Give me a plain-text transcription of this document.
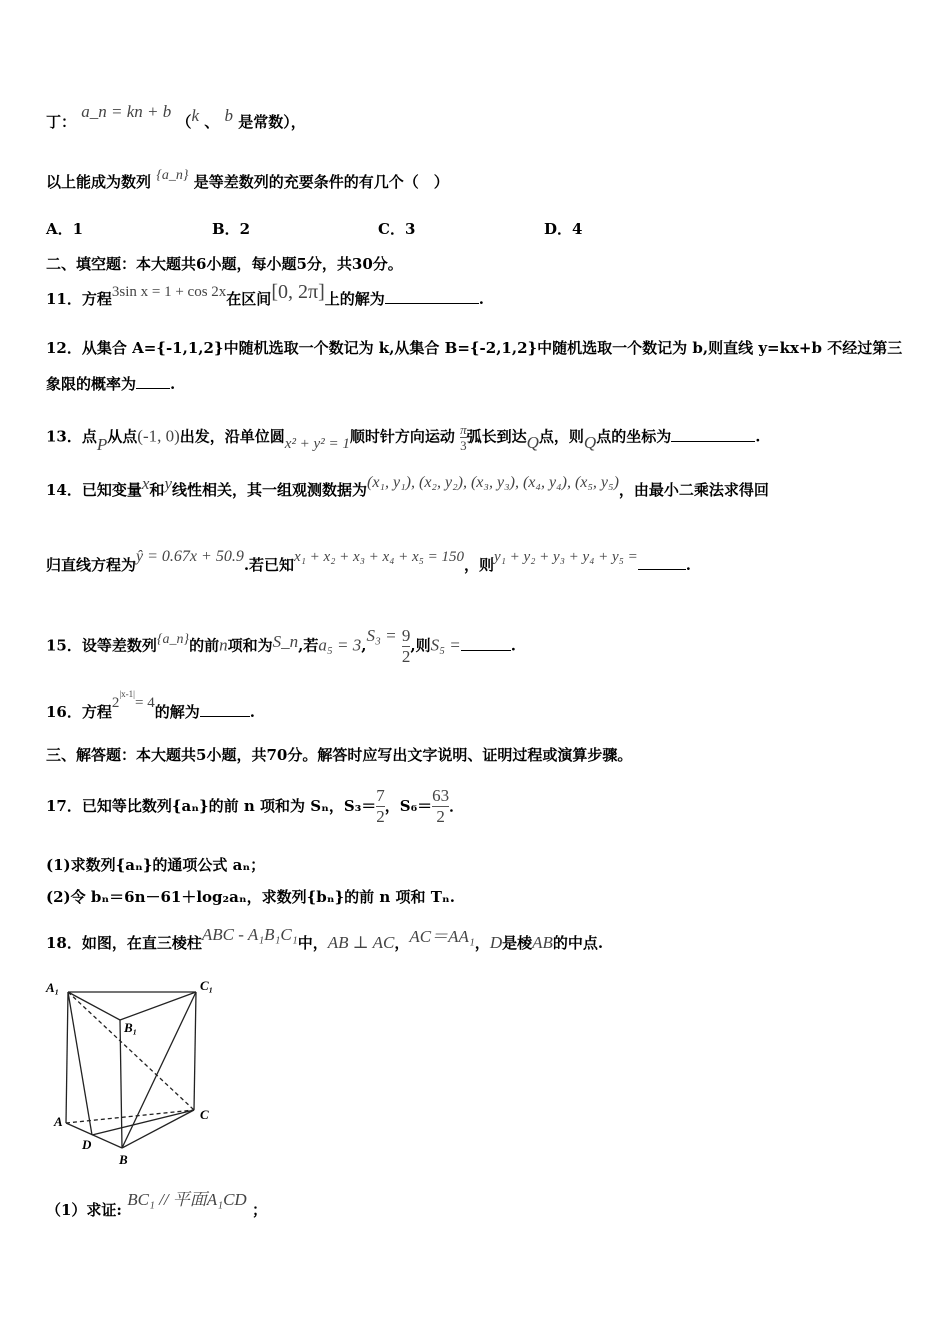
丁： a_n = kn + b （k 、 b 是常数），
以上能成为数列 {a_n} 是等差数列的充要条件的有几个（　）
A．1	B．2	C．3	D．4
二、填空题：本大题共6小题，每小题5分，共30分。
11．方程3sin x = 1 + cos 2x在区间[0, 2π]上的解为	.
12．从集合 A={-1,1,2}中随机选取一个数记为 k,从集合 B={-2,1,2}中随机选取一个数记为 b,则直线 y=kx+b 不经过第三
象限的概率为 .
13．点P从点(-1, 0)出发，沿单位圆x² + y² = 1顺时针方向运动 $\frac{\pi}{3}$ 弧长到达Q点，则Q点的坐标为	.
14．已知变量x和y线性相关，其一组观测数据为(x₁, y₁), (x₂, y₂), (x₃, y₃), (x₄, y₄), (x₅, y₅)，由最小二乘法求得回
归直线方程为ŷ = 0.67x + 50.9.若已知x₁ + x₂ + x₃ + x₄ + x₅ = 150，则y₁ + y₂ + y₃ + y₄ + y₅ =	.
15．设等差数列{a_n}的前n项和为S_n,若$a_5 = 3,S_3 = \frac{9}{2}$ ,则S₅ =	.
16．方程$2^{|x-1|}= 4$的解为	.
三、解答题：本大题共5小题，共70分。解答时应写出文字说明、证明过程或演算步骤。
17．已知等比数列{aₙ}的前 n 项和为 Sₙ，$S_3= \frac{7}{2}$ ，$S_6= \frac{63}{2}$ ．
(1)求数列{aₙ}的通项公式 aₙ；
(2)令 bₙ＝6n－61＋log₂aₙ，求数列{bₙ}的前 n 项和 Tₙ.
18．如图，在直三棱柱ABC - A₁B₁C₁中，AB ⊥ AC，AC＝AA₁，D是棱AB的中点.
A₁	C₁
B₁
A	C
D
B
（1）求证: BC₁ // 平面A₁CD ；
